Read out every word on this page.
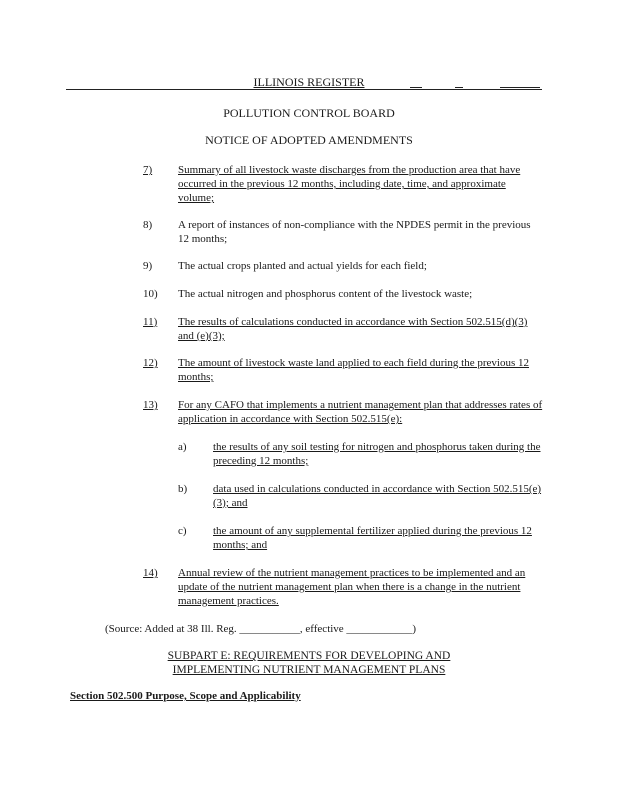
ILLINOIS REGISTER
POLLUTION CONTROL BOARD
NOTICE OF ADOPTED AMENDMENTS
7)	Summary of all livestock waste discharges from the production area that have occurred in the previous 12 months, including date, time, and approximate volume;
8)	A report of instances of non-compliance with the NPDES permit in the previous 12 months;
9)	The actual crops planted and actual yields for each field;
10)	The actual nitrogen and phosphorus content of the livestock waste;
11)	The results of calculations conducted in accordance with Section 502.515(d)(3) and (e)(3);
12)	The amount of livestock waste land applied to each field during the previous 12 months;
13)	For any CAFO that implements a nutrient management plan that addresses rates of application in accordance with Section 502.515(e):
a)	the results of any soil testing for nitrogen and phosphorus taken during the preceding 12 months;
b)	data used in calculations conducted in accordance with Section 502.515(e)(3); and
c)	the amount of any supplemental fertilizer applied during the previous 12 months; and
14)	Annual review of the nutrient management practices to be implemented and an update of the nutrient management plan when there is a change in the nutrient management practices.
(Source: Added at 38 Ill. Reg. ___________, effective ____________)
SUBPART E: REQUIREMENTS FOR DEVELOPING AND
IMPLEMENTING NUTRIENT MANAGEMENT PLANS
Section 502.500 Purpose, Scope and Applicability
